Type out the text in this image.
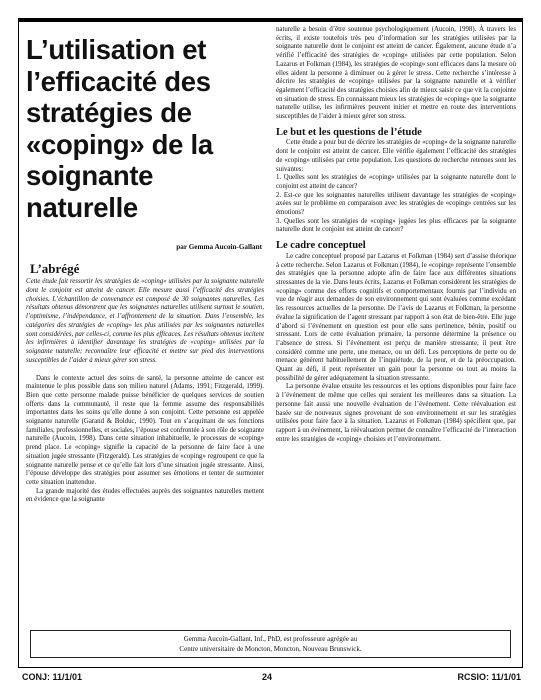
L’utilisation et l’efficacité des stratégies de «coping» de la soignante naturelle
par Gemma Aucoin-Gallant
L’abrégé

Cette étude fait ressortir les stratégies de «coping» utilisées par la soignante naturelle dont le conjoint est atteint de cancer. Elle mesure aussi l’efficacité des stratégies choisies. L’échantillon de convenance est composé de 30 soignantes naturelles. Les résultats obtenus démontrent que les soignantes naturelles utilisent surtout le soutien, l’optimisme, l’indépendance, et l’affrontement de la situation. Dans l’ensemble, les catégories des stratégies de «coping» les plus utilisées par les soignantes naturelles sont considérées, par celles-ci, comme les plus efficaces. Les résultats obtenus incitent les infirmières à identifier davantage les stratégies de «coping» utilisées par la soignante naturelle; reconnaître leur efficacité et mettre sur pied des interventions susceptibles de l’aider à mieux gérer son stress.

Dans le contexte actuel des soins de santé, la personne atteinte de cancer est maintenue le plus possible dans son milieu naturel (Adams, 1991; Fitzgerald, 1999). Bien que cette personne malade puisse bénéficier de quelques services de soutien offerts dans la communauté, il reste que la femme assume des responsabilités importantes dans les soins qu’elle donne à son conjoint. Cette personne est appelée soignante naturelle (Garand & Bolduc, 1990). Tout en s’acquittant de ses fonctions familiales, professionnelles, et sociales, l’épouse est confrontée à son rôle de soignante naturelle (Aucoin, 1998). Dans cette situation inhabituelle, le processus de «coping» prend place. Le «coping» signifie la capacité de la personne de faire face à une situation jugée stressante (Fitzgerald). Les stratégies de «coping» regroupent ce que la soignante naturelle pense et ce qu’elle fait lors d’une situation jugée stressante. Ainsi, l’épouse développe des stratégies pour assumer ses émotions et tenter de surmonter cette situation inattendue.

La grande majorité des études effectuées auprès des soignantes naturelles mettent en évidence que la soignante

naturelle a besoin d’être soutenue psychologiquement (Aucoin, 1998). À travers les écrits, il existe toutefois très peu d’information sur les stratégies utilisées par la soignante naturelle dont le conjoint est atteint de cancer. Également, aucune étude n’a vérifié l’efficacité des stratégies de «coping» utilisées par cette population. Selon Lazarus et Folkman (1984), les stratégies de «coping» sont efficaces dans la mesure où elles aident la personne à diminuer ou à gérer le stress. Cette recherche s’intéresse à décrire les stratégies de «coping» utilisées par la soignante naturelle et à vérifier également l’efficacité des stratégies choisies afin de mieux saisir ce que vit la conjointe en situation de stress. En connaissant mieux les stratégies de «coping» que la soignante naturelle utilise, les infirmières peuvent initier et mettre en route des interventions susceptibles de l’aider à mieux gérer son stress.

Le but et les questions de l’étude

Cette étude a pour but de décrire les stratégies de «coping» de la soignante naturelle dont le conjoint est atteint de cancer. Elle vérifie également l’efficacité des stratégies de «coping» utilisées par cette population. Les questions de recherche retenues sont les suivantes:

1. Quelles sont les stratégies de «coping» utilisées par la soignante naturelle dont le conjoint est atteint de cancer?
2. Est-ce que les soignantes naturelles utilisent davantage les stratégies de «coping» axées sur le problème en comparaison avec les stratégies de «coping» centrées sur les émotions?
3. Quelles sont les stratégies de «coping» jugées les plus efficaces par la soignante naturelle dont le conjoint est atteint de cancer?
Le cadre conceptuel

Le cadre conceptuel proposé par Lazarus et Folkman (1984) sert d’assise théorique à cette recherche. Selon Lazarus et Folkman (1984), le «coping» représente l’ensemble des stratégies que la personne adopte afin de faire face aux différentes situations stressantes de la vie. Dans leurs écrits, Lazarus et Folkman considèrent les stratégies de «coping» comme des efforts cognitifs et comportementaux fournis par l’individu en vue de réagir aux demandes de son environnement qui sont évaluées comme excédant les ressources actuelles de la personne. De l’avis de Lazarus et Folkman, la personne évalue la signification de l’agent stressant par rapport à son état de bien-être. Elle juge d’abord si l’événement en question est pour elle sans pertinence, bénin, positif ou stressant. Lors de cette évaluation primaire, la personne détermine la présence ou l’absence de stress. Si l’événement est perçu de manière stressante, il peut être considéré comme une perte, une menace, ou un défi. Les perceptions de perte ou de menace génèrent habituellement de l’inquiétude, de la peur, et de la préoccupation. Quant au défi, il peut représenter un gain pour la personne ou tout au moins la possibilité de gérer adéquatement la situation stressante.

La personne évalue ensuite les ressources et les options disponibles pour faire face à l’événement de même que celles qui seraient les meilleures dans sa situation. La personne fait aussi une nouvelle évaluation de l’événement. Cette réévaluation est basée sur de nouveaux signes provenant de son environnement et sur les stratégies utilisées pour faire face à la situation. Lazarus et Folkman (1984) spécifient que, par rapport à un événement, la réévaluation permet de connaître l’efficacité de l’interaction entre les stratégies de «coping» choisies et l’environnement.

Gemma Aucoin-Gallant, Inf., PhD, est professeure agrégée au
Centre universitaire de Moncton, Moncton, Nouveau Brunswick.
CONJ: 11/1/01	24	RCSIO: 11/1/01
